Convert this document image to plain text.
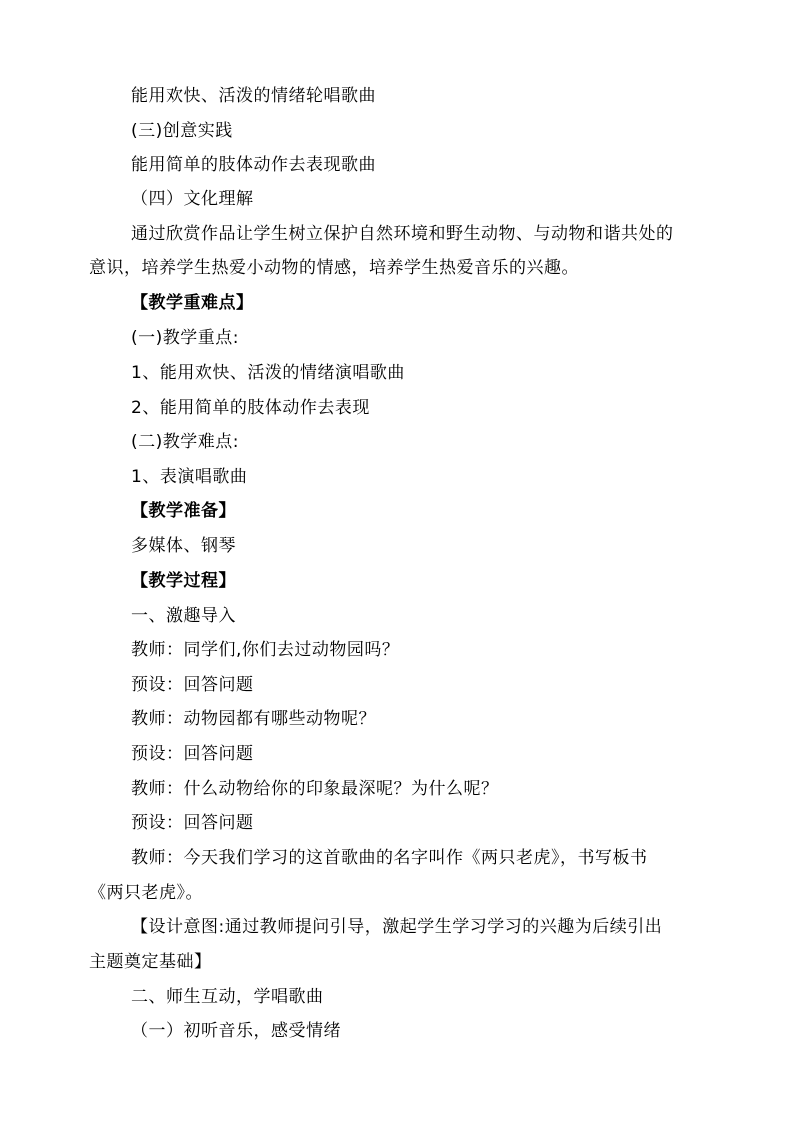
能用欢快、活泼的情绪轮唱歌曲
(三)创意实践
能用简单的肢体动作去表现歌曲
（四）文化理解
通过欣赏作品让学生树立保护自然环境和野生动物、与动物和谐共处的
意识，培养学生热爱小动物的情感，培养学生热爱音乐的兴趣。
【教学重难点】
(一)教学重点:
1、能用欢快、活泼的情绪演唱歌曲
2、能用简单的肢体动作去表现
(二)教学难点:
1、表演唱歌曲
【教学准备】
多媒体、钢琴
【教学过程】
一、激趣导入
教师：同学们,你们去过动物园吗？
预设：回答问题
教师：动物园都有哪些动物呢？
预设：回答问题
教师：什么动物给你的印象最深呢？为什么呢？
预设：回答问题
教师：今天我们学习的这首歌曲的名字叫作《两只老虎》，书写板书
《两只老虎》。
【设计意图:通过教师提问引导，激起学生学习学习的兴趣为后续引出
主题奠定基础】
二、师生互动，学唱歌曲
（一）初听音乐，感受情绪
